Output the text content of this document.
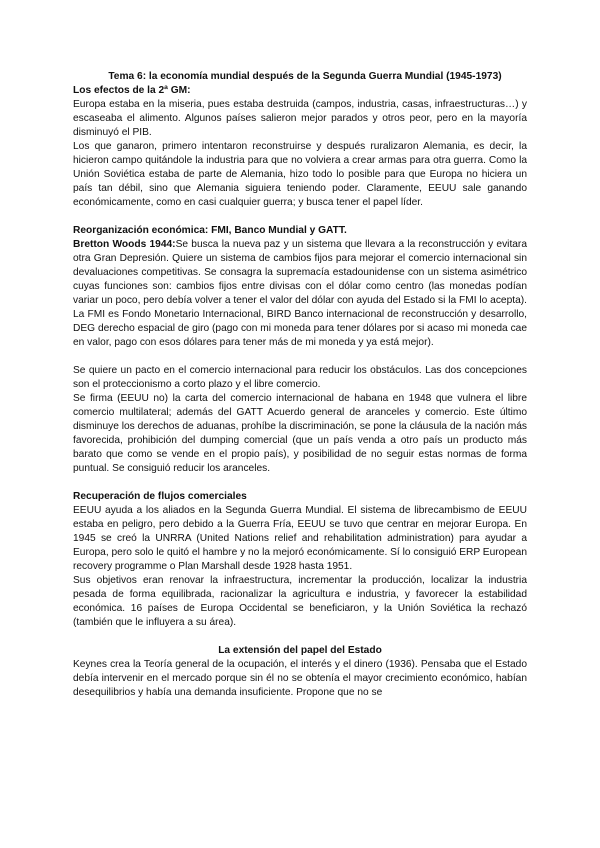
Tema 6: la economía mundial después de la Segunda Guerra Mundial (1945-1973)
Los efectos de la 2ª GM:

Europa estaba en la miseria, pues estaba destruida (campos, industria, casas, infraestructuras…) y escaseaba el alimento. Algunos países salieron mejor parados y otros peor, pero en la mayoría disminuyó el PIB.

Los que ganaron, primero intentaron reconstruirse y después ruralizaron Alemania, es decir, la hicieron campo quitándole la industria para que no volviera a crear armas para otra guerra. Como la Unión Soviética estaba de parte de Alemania, hizo todo lo posible para que Europa no hiciera un país tan débil, sino que Alemania siguiera teniendo poder. Claramente, EEUU sale ganando económicamente, como en casi cualquier guerra; y busca tener el papel líder.

Reorganización económica: FMI, Banco Mundial y GATT.

Bretton Woods 1944:Se busca la nueva paz y un sistema que llevara a la reconstrucción y evitara otra Gran Depresión. Quiere un sistema de cambios fijos para mejorar el comercio internacional sin devaluaciones competitivas. Se consagra la supremacía estadounidense con un sistema asimétrico cuyas funciones son: cambios fijos entre divisas con el dólar como centro (las monedas podían variar un poco, pero debía volver a tener el valor del dólar con ayuda del Estado si la FMI lo acepta). La FMI es Fondo Monetario Internacional, BIRD Banco internacional de reconstrucción y desarrollo, DEG derecho espacial de giro (pago con mi moneda para tener dólares por si acaso mi moneda cae en valor, pago con esos dólares para tener más de mi moneda y ya está mejor).

Se quiere un pacto en el comercio internacional para reducir los obstáculos. Las dos concepciones son el proteccionismo a corto plazo y el libre comercio.

Se firma (EEUU no) la carta del comercio internacional de habana en 1948 que vulnera el libre comercio multilateral; además del GATT Acuerdo general de aranceles y comercio. Este último disminuye los derechos de aduanas, prohíbe la discriminación, se pone la cláusula de la nación más favorecida, prohibición del dumping comercial (que un país venda a otro país un producto más barato que como se vende en el propio país), y posibilidad de no seguir estas normas de forma puntual. Se consiguió reducir los aranceles.

Recuperación de flujos comerciales

EEUU ayuda a los aliados en la Segunda Guerra Mundial. El sistema de librecambismo de EEUU estaba en peligro, pero debido a la Guerra Fría, EEUU se tuvo que centrar en mejorar Europa. En 1945 se creó la UNRRA (United Nations relief and rehabilitation administration) para ayudar a Europa, pero solo le quitó el hambre y no la mejoró económicamente. Sí lo consiguió ERP European recovery programme o Plan Marshall desde 1928 hasta 1951.

Sus objetivos eran renovar la infraestructura, incrementar la producción, localizar la industria pesada de forma equilibrada, racionalizar la agricultura e industria, y favorecer la estabilidad económica. 16 países de Europa Occidental se beneficiaron, y la Unión Soviética la rechazó (también que le influyera a su área).

La extensión del papel del Estado

Keynes crea la Teoría general de la ocupación, el interés y el dinero (1936). Pensaba que el Estado debía intervenir en el mercado porque sin él no se obtenía el mayor crecimiento económico, habían desequilibrios y había una demanda insuficiente. Propone que no se
